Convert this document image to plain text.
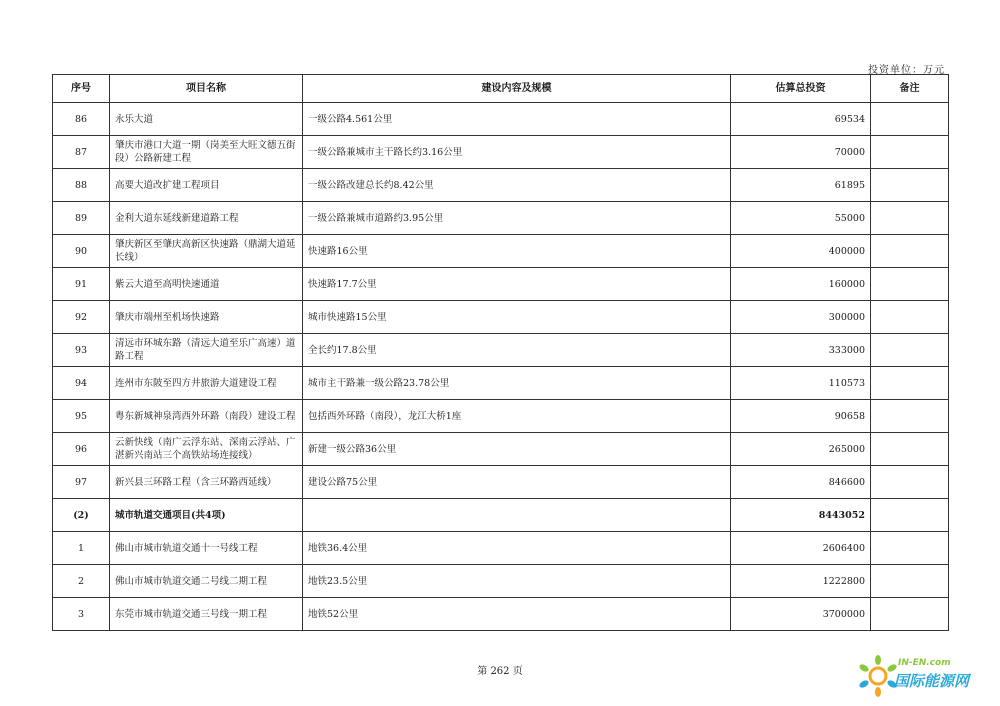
投资单位：万元
序号	项目名称	建设内容及规模	估算总投资	备注
86	永乐大道	一级公路4.561公里	69534	
87	肇庆市港口大道一期（岗美至大旺文德五街段）公路新建工程	一级公路兼城市主干路长约3.16公里	70000	
88	高要大道改扩建工程项目	一级公路改建总长约8.42公里	61895	
89	金利大道东延线新建道路工程	一级公路兼城市道路约3.95公里	55000	
90	肇庆新区至肇庆高新区快速路（鼎湖大道延长线）	快速路16公里	400000	
91	紫云大道至高明快速通道	快速路17.7公里	160000	
92	肇庆市端州至机场快速路	城市快速路15公里	300000	
93	清远市环城东路（清远大道至乐广高速）道路工程	全长约17.8公里	333000	
94	连州市东陂至四方井旅游大道建设工程	城市主干路兼一级公路23.78公里	110573	
95	粤东新城神泉湾西外环路（南段）建设工程	包括西外环路（南段），龙江大桥1座	90658	
96	云新快线（南广云浮东站、深南云浮站、广湛新兴南站三个高铁站场连接线）	新建一级公路36公里	265000	
97	新兴县三环路工程（含三环路西延线）	建设公路75公里	846600	
(2)	城市轨道交通项目(共4项)		8443052	
1	佛山市城市轨道交通十一号线工程	地铁36.4公里	2606400	
2	佛山市城市轨道交通二号线二期工程	地铁23.5公里	1222800	
3	东莞市城市轨道交通三号线一期工程	地铁52公里	3700000	
第 262 页
IN-EN.com
国际能源网
